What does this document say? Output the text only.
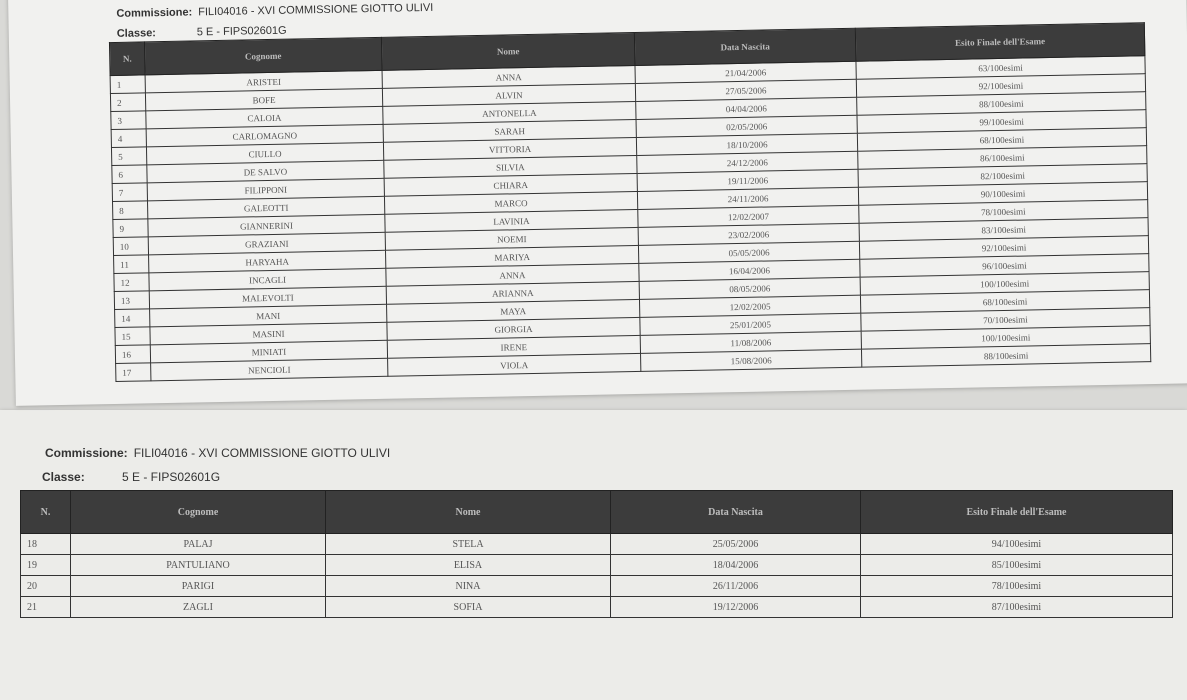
Commissione: FILI04016 - XVI COMMISSIONE GIOTTO ULIVI
Classe:	5 E - FIPS02601G
N.	Cognome	Nome	Data Nascita	Esito Finale dell'Esame
1	ARISTEI	ANNA	21/04/2006	63/100esimi
2	BOFE	ALVIN	27/05/2006	92/100esimi
3	CALOIA	ANTONELLA	04/04/2006	88/100esimi
4	CARLOMAGNO	SARAH	02/05/2006	99/100esimi
5	CIULLO	VITTORIA	18/10/2006	68/100esimi
6	DE SALVO	SILVIA	24/12/2006	86/100esimi
7	FILIPPONI	CHIARA	19/11/2006	82/100esimi
8	GALEOTTI	MARCO	24/11/2006	90/100esimi
9	GIANNERINI	LAVINIA	12/02/2007	78/100esimi
10	GRAZIANI	NOEMI	23/02/2006	83/100esimi
11	HARYAHA	MARIYA	05/05/2006	92/100esimi
12	INCAGLI	ANNA	16/04/2006	96/100esimi
13	MALEVOLTI	ARIANNA	08/05/2006	100/100esimi
14	MANI	MAYA	12/02/2005	68/100esimi
15	MASINI	GIORGIA	25/01/2005	70/100esimi
16	MINIATI	IRENE	11/08/2006	100/100esimi
17	NENCIOLI	VIOLA	15/08/2006	88/100esimi
Commissione: FILI04016 - XVI COMMISSIONE GIOTTO ULIVI
Classe:	5 E - FIPS02601G
N.	Cognome	Nome	Data Nascita	Esito Finale dell'Esame
18	PALAJ	STELA	25/05/2006	94/100esimi
19	PANTULIANO	ELISA	18/04/2006	85/100esimi
20	PARIGI	NINA	26/11/2006	78/100esimi
21	ZAGLI	SOFIA	19/12/2006	87/100esimi
